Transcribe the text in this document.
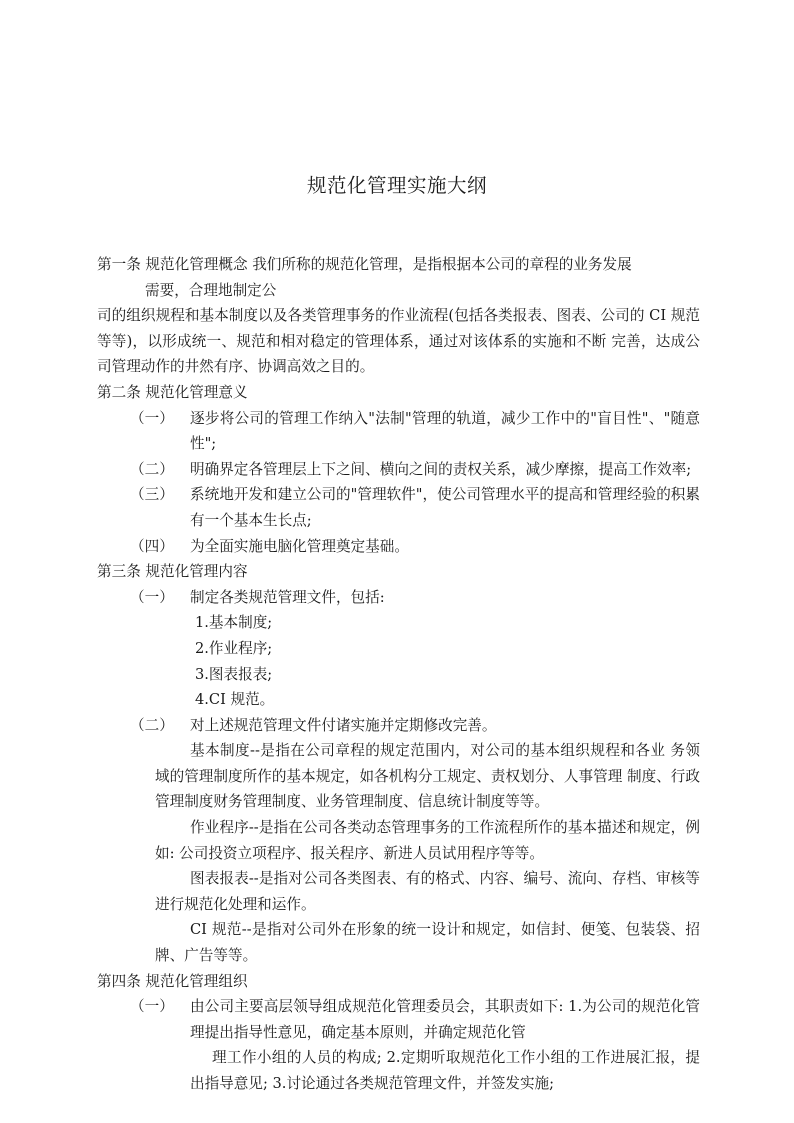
规范化管理实施大纲

第一条 规范化管理概念 我们所称的规范化管理，是指根据本公司的章程的业务发展
需要，合理地制定公

司的组织规程和基本制度以及各类管理事务的作业流程(包括各类报表、图表、公司的 CI 规范等等)，以形成统一、规范和相对稳定的管理体系，通过对该体系的实施和不断 完善，达成公司管理动作的井然有序、协调高效之目的。

第二条 规范化管理意义

（一）	逐步将公司的管理工作纳入"法制"管理的轨道，减少工作中的"盲目性"、"随意性";
（二）	明确界定各管理层上下之间、横向之间的责权关系，减少摩擦，提高工作效率;
（三）	系统地开发和建立公司的"管理软件"，使公司管理水平的提高和管理经验的积累有一个基本生长点;
（四）	为全面实施电脑化管理奠定基础。

第三条 规范化管理内容

（一）	制定各类规范管理文件，包括:

1.基本制度;

2.作业程序;

3.图表报表;

4.CI 规范。

（二）	对上述规范管理文件付诸实施并定期修改完善。

基本制度--是指在公司章程的规定范围内，对公司的基本组织规程和各业 务领域的管理制度所作的基本规定，如各机构分工规定、责权划分、人事管理 制度、行政管理制度财务管理制度、业务管理制度、信息统计制度等等。

作业程序--是指在公司各类动态管理事务的工作流程所作的基本描述和规定，例如: 公司投资立项程序、报关程序、新进人员试用程序等等。

图表报表--是指对公司各类图表、有的格式、内容、编号、流向、存档、审核等进行规范化处理和运作。

CI 规范--是指对公司外在形象的统一设计和规定，如信封、便笺、包装袋、招牌、广告等等。

第四条 规范化管理组织

（一）	由公司主要高层领导组成规范化管理委员会，其职责如下: 1.为公司的规范化管理提出指导性意见，确定基本原则，并确定规范化管

理工作小组的人员的构成; 2.定期听取规范化工作小组的工作进展汇报，提出指导意见; 3.讨论通过各类规范管理文件，并签发实施;
